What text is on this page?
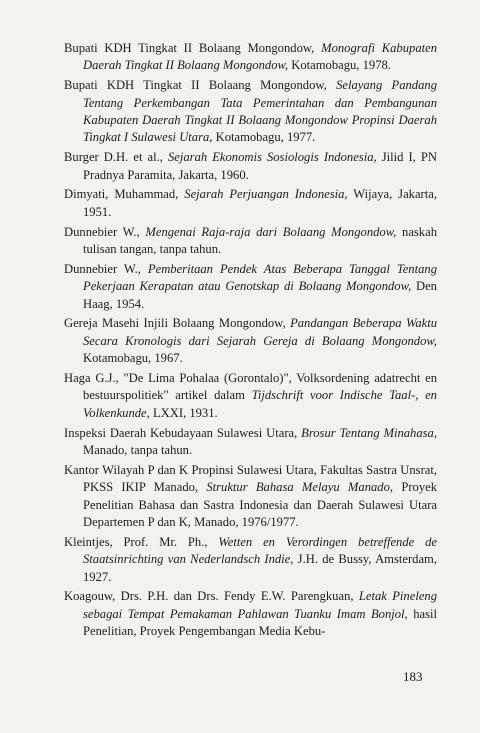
Bupati KDH Tingkat II Bolaang Mongondow, Monografi Kabupaten Daerah Tingkat II Bolaang Mongondow, Kotamobagu, 1978.
Bupati KDH Tingkat II Bolaang Mongondow, Selayang Pandang Tentang Perkembangan Tata Pemerintahan dan Pembangunan Kabupaten Daerah Tingkat II Bolaang Mongondow Propinsi Daerah Tingkat I Sulawesi Utara, Kotamobagu, 1977.
Burger D.H. et al., Sejarah Ekonomis Sosiologis Indonesia, Jilid I, PN Pradnya Paramita, Jakarta, 1960.
Dimyati, Muhammad, Sejarah Perjuangan Indonesia, Wijaya, Jakarta, 1951.
Dunnebier W., Mengenai Raja-raja dari Bolaang Mongondow, naskah tulisan tangan, tanpa tahun.
Dunnebier W., Pemberitaan Pendek Atas Beberapa Tanggal Tentang Pekerjaan Kerapatan atau Genotskap di Bolaang Mongondow, Den Haag, 1954.
Gereja Masehi Injili Bolaang Mongondow, Pandangan Beberapa Waktu Secara Kronologis dari Sejarah Gereja di Bolaang Mongondow, Kotamobagu, 1967.
Haga G.J., "De Lima Pohalaa (Gorontalo)", Volksordening adatrecht en bestuurspolitiek" artikel dalam Tijdschrift voor Indische Taal-, en Volkenkunde, LXXI, 1931.
Inspeksi Daerah Kebudayaan Sulawesi Utara, Brosur Tentang Minahasa, Manado, tanpa tahun.
Kantor Wilayah P dan K Propinsi Sulawesi Utara, Fakultas Sastra Unsrat, PKSS IKIP Manado, Struktur Bahasa Melayu Manado, Proyek Penelitian Bahasa dan Sastra Indonesia dan Daerah Sulawesi Utara Departemen P dan K, Manado, 1976/1977.
Kleintjes, Prof. Mr. Ph., Wetten en Verordingen betreffende de Staatsinrichting van Nederlandsch Indie, J.H. de Bussy, Amsterdam, 1927.
Koagouw, Drs. P.H. dan Drs. Fendy E.W. Parengkuan, Letak Pineleng sebagai Tempat Pemakaman Pahlawan Tuanku Imam Bonjol, hasil Penelitian, Proyek Pengembangan Media Kebu-
183
